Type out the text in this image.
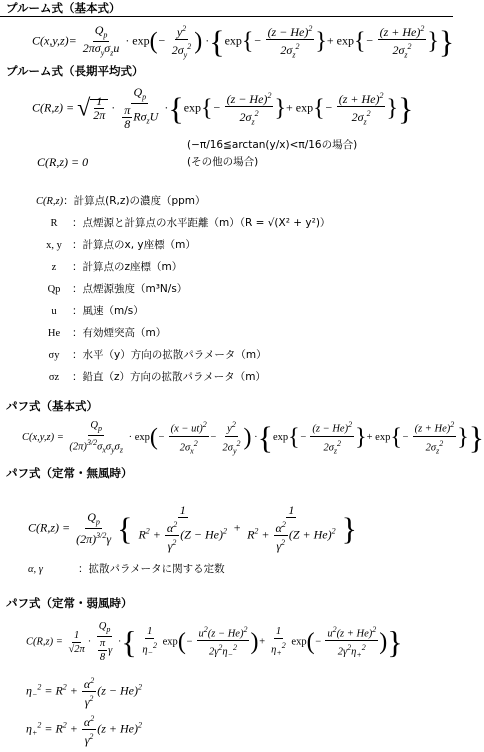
プルーム式（基本式）
$C(x,y,z)= \frac{Q_p}{2\pi\sigma_y\sigma_zu} \cdot \exp(- \frac{y^2}{2\sigma_y^2}$ ) $\cdot\{\exp\{- \frac{(z - He)^2}{2\sigma_z^2}$ }+ $\exp\{- \frac{(z + He)^2}{2\sigma_z^2}$ }}
プルーム式（長期平均式）
C(R,z) = √ $\frac{1}{2\pi} \cdot \frac{Q_p}{\frac{\pi}{8} R\sigma_zU} \cdot\{\exp\{- \frac{(z - He)^2}{2\sigma_z^2}$ }+ $\exp\{- \frac{(z + He)^2}{2\sigma_z^2}$ }}
(−π/16≦arctan(y/x)<π/16の場合)
C(R,z) = 0	(その他の場合)
C(R,z)：計算点(R,z)の濃度（ppm）
R ：点煙源と計算点の水平距離（m）（R = √(X² + y²)）
x, y ：計算点のx, y座標（m）
z ：計算点のz座標（m）
Qp ：点煙源強度（m³N/s）
u ：風速（m/s）
He ：有効煙突高（m）
σy ：水平（y）方向の拡散パラメータ（m）
σz ：鉛直（z）方向の拡散パラメータ（m）
パフ式（基本式）
$C(x,y,z) = \frac{Q_p}{(2\pi)^{3/2}\sigma_x\sigma_y\sigma_z} \cdot \exp(- \frac{(x - ut)^2}{2\sigma_x^2} - \frac{y^2}{2\sigma_y^2}$ ) $\cdot\{\exp\{- \frac{(z - He)^2}{2\sigma_z^2}$ }+ $\exp\{- \frac{(z + He)^2}{2\sigma_z^2}$ }}
パフ式（定常・無風時）
$C(R,z) = \frac{Q_p}{(2\pi)^{3/2}\gamma}$ { $\frac{1}{R^2 + \frac{\alpha^2}{\gamma^2} (Z - He)^2} + \frac{1}{R^2 + \frac{\alpha^2}{\gamma^2} (Z + He)^2}$ }
α, γ	：拡散パラメータに関する定数
パフ式（定常・弱風時）
$C(R,z) = \frac{1}{√2\pi} \cdot \frac{Q_p}{\frac{\pi}{8} \gamma}$ ·{ $\frac{1}{\eta_-^2} \exp(- \frac{u^2(z - He)^2}{2\gamma^2\eta_-^2}$ )+ $\frac{1}{\eta_+^2} \exp(- \frac{u^2(z + He)^2}{2\gamma^2\eta_+^2}$ )}
$\eta_-^2 = R^2 + \frac{\alpha^2}{\gamma^2} (z - He)^2$
$\eta_+^2 = R^2 + \frac{\alpha^2}{\gamma^2} (z + He)^2$
